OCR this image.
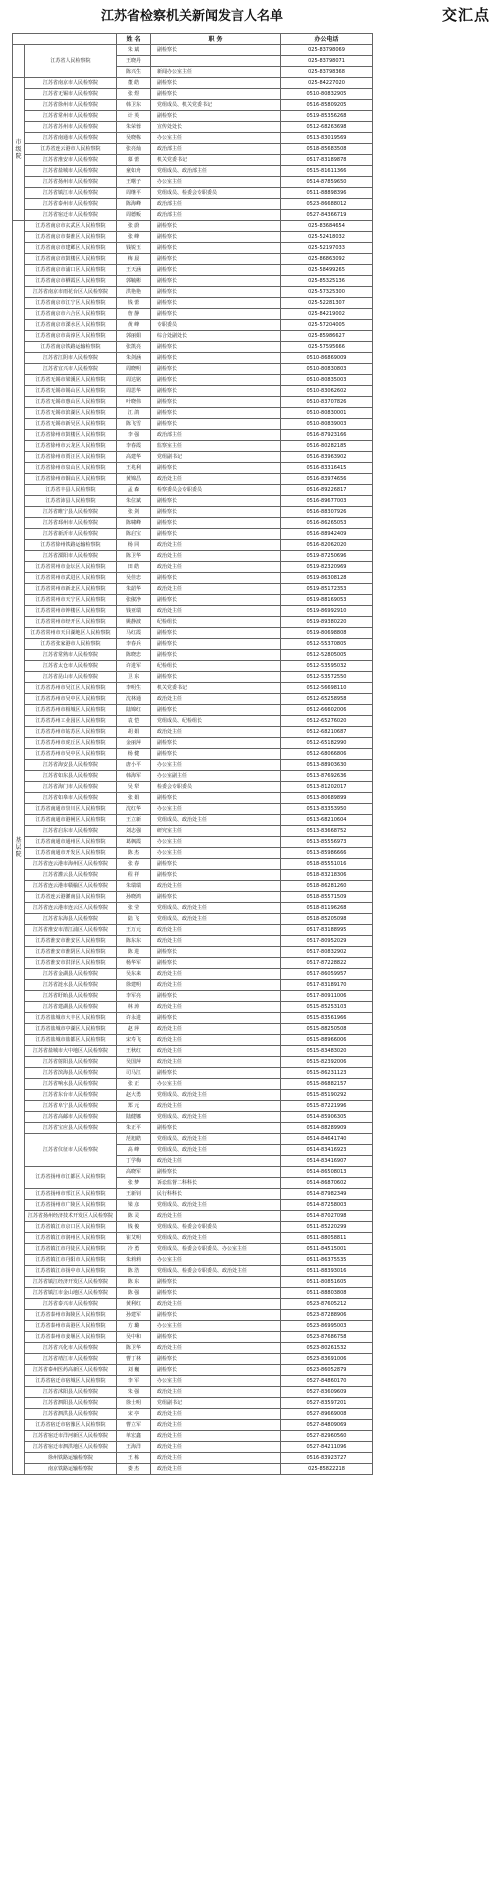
交汇点
江苏省检察机关新闻发言人名单
		姓 名	职 务	办公电话
	江苏省人民检察院	朱 斌	副检察长	025-83798069
		王晓丹		025-83798071
		陈兴生	新闻办公室主任	025-83798368
市级院	江苏省南京市人民检察院	董 皓	副检察长	025-84227020
	江苏省无锡市人民检察院	张 煜	副检察长	0510-80832905
	江苏省徐州市人民检察院	韩卫东	党组成员、机关党委书记	0516-85809205
	江苏省常州市人民检察院	计 英	副检察长	0519-85356268
	江苏省苏州市人民检察院	朱荣蓉	宣传处处长	0512-68263698
	江苏省南通市人民检察院	吴晓栋	办公室主任	0513-83019569
	江苏省连云港市人民检察院	张亮灿	政治部主任	0518-85683508
	江苏省淮安市人民检察院	慕 蕾	机关党委书记	0517-83189878
	江苏省盐城市人民检察院	童如舟	党组成员、政治部主任	0515-81611366
	江苏省扬州市人民检察院	王曙子	办公室主任	0514-87859650
	江苏省镇江市人民检察院	周继平	党组成员、检委会专职委员	0511-88898396
	江苏省泰州市人民检察院	陈海峰	政治部主任	0523-86688012
	江苏省宿迁市人民检察院	周德贩	政治部主任	0527-84366719
基层院	江苏省南京市玄武区人民检察院	张 蔚	副检察长	025-83684654
	江苏省南京市秦淮区人民检察院	张 峰	副检察长	025-52418032
	江苏省南京市建邺区人民检察院	钱锐玉	副检察长	025-52197033
	江苏省南京市鼓楼区人民检察院	梅 晨	副检察长	025-86863092
	江苏省南京市浦口区人民检察院	王天涵	副检察长	025-58499265
	江苏省南京市栖霞区人民检察院	郭毓彬	副检察长	025-85325136
	江苏省南京市雨花台区人民检察院	洪艳艳	副检察长	025-57325300
	江苏省南京市江宁区人民检察院	钱 蕾	副检察长	025-52281307
	江苏省南京市六合区人民检察院	詹 静	副检察长	025-84219002
	江苏省南京市溧水区人民检察院	黄 峰	专职委员	025-57204005
	江苏省南京市高淳区人民检察院	郭丽娟	综合处副处长	025-85986627
	江苏省南京铁路运输检察院	张凯亮	副检察长	025-57595666
	江苏省江阴市人民检察院	朱剑涵	副检察长	0510-86869009
	江苏省宜兴市人民检察院	周晓明	副检察长	0510-80830803
	江苏省无锡市梁溪区人民检察院	周达铭	副检察长	0510-80835003
	江苏省无锡市锡山区人民检察院	周思华	副检察长	0510-83062602
	江苏省无锡市惠山区人民检察院	叶晓伟	副检察长	0510-83707826
	江苏省无锡市滨湖区人民检察院	江 鸽	副检察长	0510-80830001
	江苏省无锡市新吴区人民检察院	陈飞雪	副检察长	0510-80839003
	江苏省徐州市鼓楼区人民检察院	李 强	政治部主任	0516-87923166
	江苏省徐州市云龙区人民检察院	李春霞	监察室主任	0516-80282185
	江苏省徐州市贾汪区人民检察院	高建华	党组副书记	0516-83963902
	江苏省徐州市泉山区人民检察院	王兆利	副检察长	0516-83316415
	江苏省徐州市铜山区人民检察院	黄锦昌	政治处主任	0516-83974656
	江苏省丰县人民检察院	孟 森	检察委员会专职委员	0516-89226817
	江苏省沛县人民检察院	朱位斌	副检察长	0516-89677003
	江苏省睢宁县人民检察院	张 剑	副检察长	0516-88307926
	江苏省邳州市人民检察院	陈啸峰	副检察长	0516-86265053
	江苏省新沂市人民检察院	陈启宝	副检察长	0516-88942409
	江苏省徐州铁路运输检察院	杨 同	政治处主任	0516-82062020
	江苏省溧阳市人民检察院	陈卫华	政治处主任	0519-87250696
	江苏省常州市金坛区人民检察院	田 皓	政治处主任	0519-82320969
	江苏省常州市武进区人民检察院	吴佳忠	副检察长	0519-86308128
	江苏省常州市新北区人民检察院	朱韶华	政治处主任	0519-85172353
	江苏省常州市天宁区人民检察院	张俶净	副检察长	0519-88169053
	江苏省常州市钟楼区人民检察院	钱亚瑞	政治处主任	0519-86992910
	江苏省常州市经开区人民检察院	姚静波	纪检组长	0519-89380220
	江苏省常州市天目湖地区人民检察院	马红霞	副检察长	0519-80698808
	江苏省张家港市人民检察院	李春兵	副检察长	0512-55370805
	江苏省常熟市人民检察院	陈晓忠	副检察长	0512-52805005
	江苏省太仓市人民检察院	许进军	纪检组长	0512-53595032
	江苏省昆山市人民检察院	卫 东	副检察长	0512-53572550
	江苏省苏州市吴江区人民检察院	李明生	机关党委书记	0512-56698110
	江苏省苏州市吴中区人民检察院	沈林通	政治处主任	0512-65258958
	江苏省苏州市相城区人民检察院	陆锦红	副检察长	0512-66602006
	江苏省苏州工业园区人民检察院	袁 恺	党组成员、纪检组长	0512-65276020
	江苏省苏州市姑苏区人民检察院	胡 娟	政治处主任	0512-68210687
	江苏省苏州市虎丘区人民检察院	金丽萍	副检察长	0512-65182990
	江苏省苏州市吴中区人民检察院	杨 健	副检察长	0512-68066806
	江苏省海安县人民检察院	唐小平	办公室主任	0513-88903630
	江苏省如东县人民检察院	韩海军	办公室副主任	0513-87692636
	江苏省海门市人民检察院	吴 犁	检委会专职委员	0513-81202017
	江苏省如皋市人民检察院	张 娟	副检察长	0513-80689899
	江苏省南通市崇川区人民检察院	沈红华	办公室主任	0513-83353950
	江苏省南通市港闸区人民检察院	王立新	党组成员、政治处主任	0513-68210604
	江苏省启东市人民检察院	刘志强	研究室主任	0513-83668752
	江苏省南通市通州区人民检察院	葛枫霞	办公室主任	0513-85556973
	江苏省南通市开发区人民检察院	陈 杰	办公室主任	0513-85986666
	江苏省连云港市海州区人民检察院	张 春	副检察长	0518-85551016
	江苏省灌云县人民检察院	程 祥	副检察长	0518-83218306
	江苏省连云港市赣榆区人民检察院	朱瑞瑞	政治处主任	0518-86281260
	江苏省连云港灌南县人民检察院	孙晓鸿	副检察长	0518-85571509
	江苏省连云港市连云区人民检察院	张 莹	党组成员、政治处主任	0518-81196268
	江苏省东海县人民检察院	陆 飞	党组成员、政治处主任	0518-85205098
	江苏省淮安市清江浦区人民检察院	王万元	政治处主任	0517-83188995
	江苏省淮安市淮安区人民检察院	陈东东	政治处主任	0517-80952029
	江苏省淮安市淮阴区人民检察院	陈 进	副检察长	0517-80832902
	江苏省淮安市洪泽区人民检察院	杨华军	副检察长	0517-87228822
	江苏省金湖县人民检察院	吴东来	政治处主任	0517-86059957
	江苏省涟水县人民检察院	徐建明	政治处主任	0517-83189170
	江苏省盱眙县人民检察院	李军亮	副检察长	0517-80911006
	江苏省建湖县人民检察院	林 涛	政治处主任	0515-85253103
	江苏省盐城市大丰区人民检察院	许永进	副检察长	0515-83561966
	江苏省盐城市亭湖区人民检察院	赵 萍	政治处主任	0515-88250508
	江苏省盐城市盐都区人民检察院	宋寿飞	政治处主任	0515-88966006
	江苏省盐城市大中地区人民检察院	王秋红	政治处主任	0515-83483020
	江苏省射阳县人民检察院	吴国萍	政治处主任	0515-82392006
	江苏省滨海县人民检察院	司马江	副检察长	0515-86231123
	江苏省响水县人民检察院	张 正	办公室主任	0515-86882157
	江苏省东台市人民检察院	赵大勇	党组成员、政治处主任	0515-85190292
	江苏省阜宁县人民检察院	郑 元	政治处主任	0515-87221996
	江苏省高邮市人民检察院	陆健娜	党组成员、政治处主任	0514-85906305
	江苏省宝应县人民检察院	朱正平	副检察长	0514-88289909
	江苏省仪征市人民检察院	范旭皓	党组成员、政治处主任	0514-84641740
		高 峰	党组成员、政治处主任	0514-83416923
		丁学梅	政治处主任	0514-83416907
	江苏省扬州市江都区人民检察院	高晓军	副检察长	0514-86508013
		张 梦	诉讼监督二科科长	0514-86870602
	江苏省扬州市邗江区人民检察院	王新钊	民行科科长	0514-87982349
	江苏省扬州市广陵区人民检察院	梁 彦	党组成员、政治处主任	0514-87258003
	江苏省扬州经济技术开发区人民检察院	陈 灵	政治处主任	0514-87027098
	江苏省镇江市京口区人民检察院	钱 俊	党组成员、检委会专职委员	0511-85220299
	江苏省镇江市润州区人民检察院	崔艾明	党组成员、政治处主任	0511-88058811
	江苏省镇江市丹徒区人民检察院	冷 勇	党组成员、检委会专职委员、办公室主任	0511-84515001
	江苏省镇江市丹阳市人民检察院	朱莉莉	办公室主任	0511-86375535
	江苏省镇江市扬中市人民检察院	陈 浩	党组成员、检委会专职委员、政治处主任	0511-88393016
	江苏省镇江经济开发区人民检察院	陈 东	副检察长	0511-80851605
	江苏省镇江市金山地区人民检察院	陈 强	副检察长	0511-88803808
	江苏省泰兴市人民检察院	黄利红	政治处主任	0523-87605212
	江苏省泰州市海陵区人民检察院	孙建军	副检察长	0523-87288906
	江苏省泰州市高港区人民检察院	方 璐	办公室主任	0523-86995003
	江苏省泰州市姜堰区人民检察院	吴中和	副检察长	0523-87686758
	江苏省兴化市人民检察院	陈卫华	政治处主任	0523-80261532
	江苏省靖江市人民检察院	曹丁林	副检察长	0523-83691006
	江苏省泰州医药高新区人民检察院	刘 巍	副检察长	0523-86052879
	江苏省宿迁市宿城区人民检察院	李 军	办公室主任	0527-84860170
	江苏省沭阳县人民检察院	朱 强	政治处主任	0527-83609609
	江苏省泗阳县人民检察院	徐士明	党组副书记	0527-83597201
	江苏省泗洪县人民检察院	宋 亭	政治处主任	0527-89669008
	江苏省宿迁市宿豫区人民检察院	曹立军	政治处主任	0527-84809069
	江苏省宿迁市洋河新区人民检察院	单宏鑫	政治处主任	0527-82960560
	江苏省宿迁市泗洪地区人民检察院	王海洋	政治处主任	0527-84211096
	徐州铁路运输检察院	王 栋	政治处主任	0516-83923727
	南京铁路运输检察院	娄 杰	政治处主任	025-85822218
